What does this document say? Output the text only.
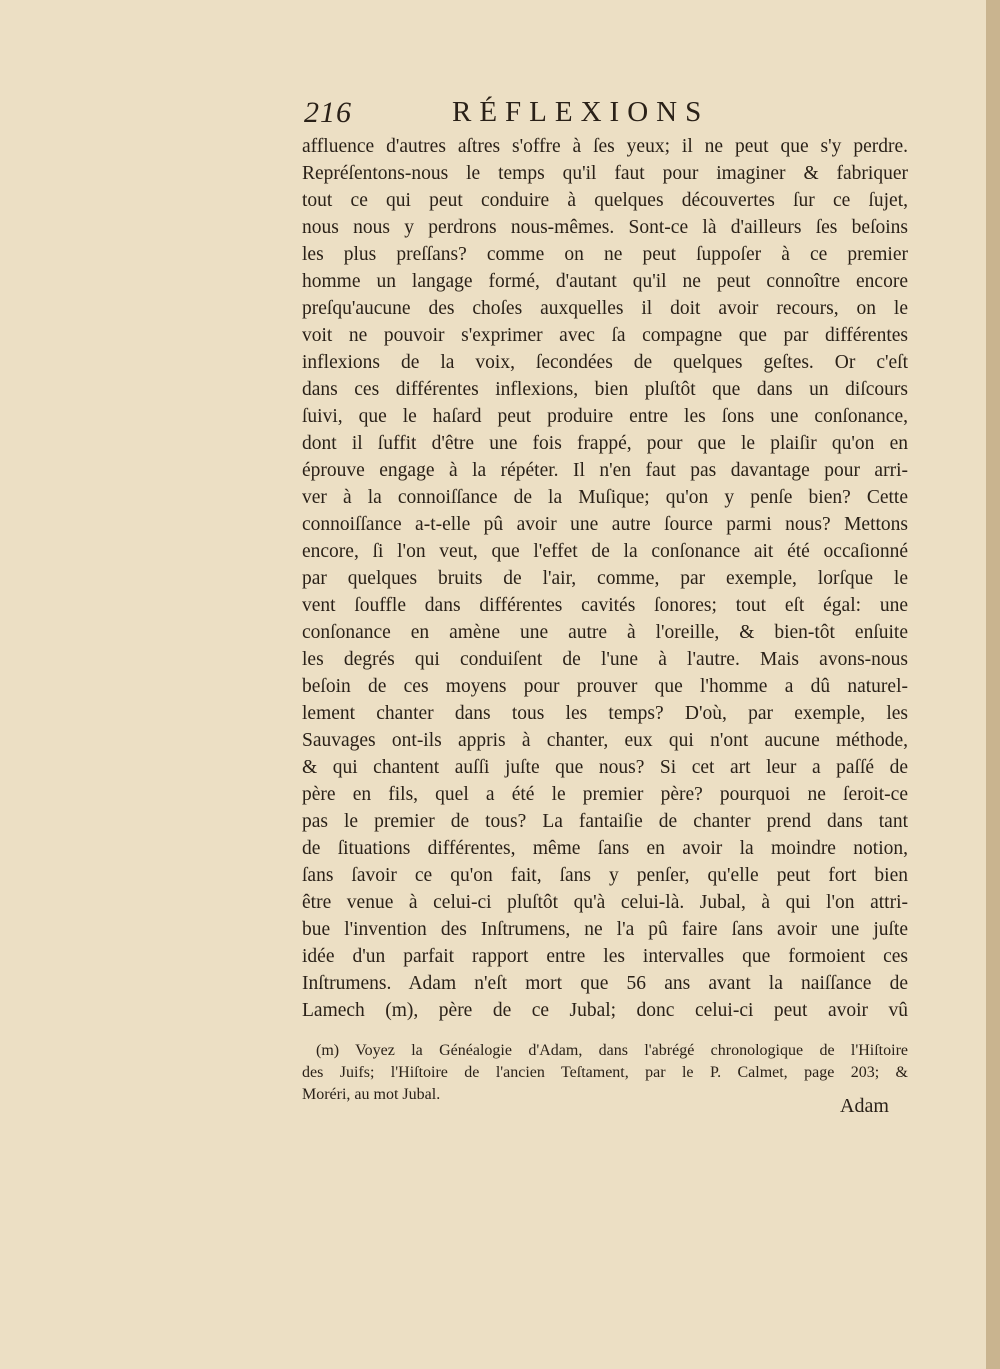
216	RÉFLEXIONS
affluence d'autres aſtres s'offre à ſes yeux; il ne peut que s'y perdre.
Repréſentons-nous le temps qu'il faut pour imaginer & fabriquer
tout ce qui peut conduire à quelques découvertes ſur ce ſujet,
nous nous y perdrons nous-mêmes. Sont-ce là d'ailleurs ſes beſoins
les plus preſſans? comme on ne peut ſuppoſer à ce premier
homme un langage formé, d'autant qu'il ne peut connoître encore
preſqu'aucune des choſes auxquelles il doit avoir recours, on le
voit ne pouvoir s'exprimer avec ſa compagne que par différentes
inflexions de la voix, ſecondées de quelques geſtes. Or c'eſt
dans ces différentes inflexions, bien pluſtôt que dans un diſcours
ſuivi, que le haſard peut produire entre les ſons une conſonance,
dont il ſuffit d'être une fois frappé, pour que le plaiſir qu'on en
éprouve engage à la répéter. Il n'en faut pas davantage pour arri-
ver à la connoiſſance de la Muſique; qu'on y penſe bien? Cette
connoiſſance a-t-elle pû avoir une autre ſource parmi nous? Mettons
encore, ſi l'on veut, que l'effet de la conſonance ait été occaſionné
par quelques bruits de l'air, comme, par exemple, lorſque le
vent ſouffle dans différentes cavités ſonores; tout eſt égal: une
conſonance en amène une autre à l'oreille, & bien-tôt enſuite
les degrés qui conduiſent de l'une à l'autre. Mais avons-nous
beſoin de ces moyens pour prouver que l'homme a dû naturel-
lement chanter dans tous les temps? D'où, par exemple, les
Sauvages ont-ils appris à chanter, eux qui n'ont aucune méthode,
& qui chantent auſſi juſte que nous? Si cet art leur a paſſé de
père en fils, quel a été le premier père? pourquoi ne ſeroit-ce
pas le premier de tous? La fantaiſie de chanter prend dans tant
de ſituations différentes, même ſans en avoir la moindre notion,
ſans ſavoir ce qu'on fait, ſans y penſer, qu'elle peut fort bien
être venue à celui-ci pluſtôt qu'à celui-là. Jubal, à qui l'on attri-
bue l'invention des Inſtrumens, ne l'a pû faire ſans avoir une juſte
idée d'un parfait rapport entre les intervalles que formoient ces
Inſtrumens. Adam n'eſt mort que 56 ans avant la naiſſance de
Lamech (m), père de ce Jubal; donc celui-ci peut avoir vû
(m) Voyez la Généalogie d'Adam, dans l'abrégé chronologique de l'Hiſtoire
des Juifs; l'Hiſtoire de l'ancien Teſtament, par le P. Calmet, page 203; &
Moréri, au mot Jubal.
Adam
